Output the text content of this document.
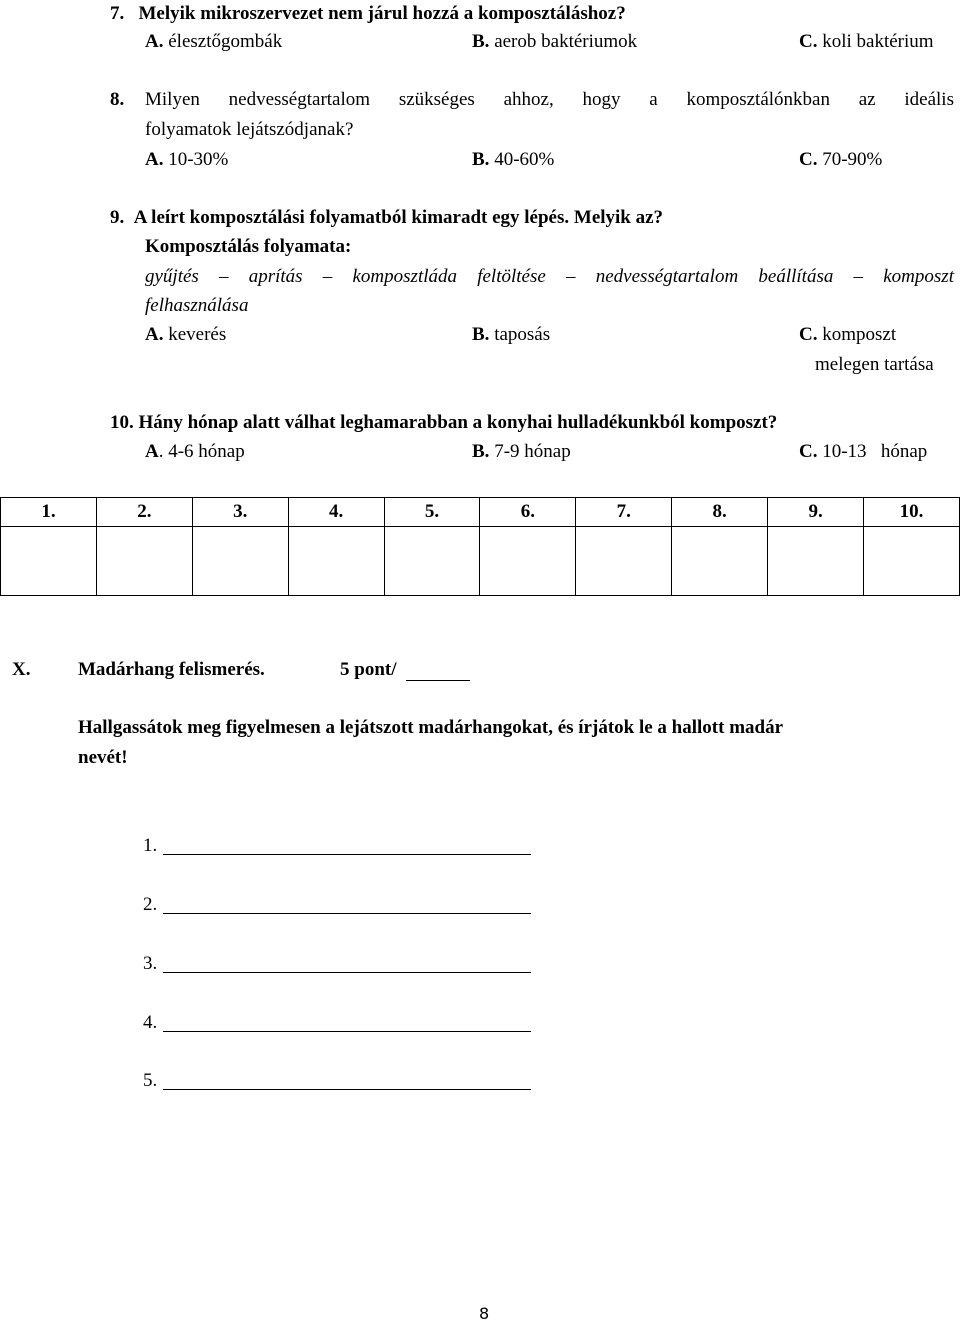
7. Melyik mikroszervezet nem járul hozzá a komposztáláshoz?
A. élesztőgombák	B. aerob baktériumok	C. koli baktérium
8. Milyen nedvességtartalom szükséges ahhoz, hogy a komposztálónkban az ideális
folyamatok lejátszódjanak?
A. 10-30%	B. 40-60%	C. 70-90%
9. A leírt komposztálási folyamatból kimaradt egy lépés. Melyik az?
Komposztálás folyamata:
gyűjtés – aprítás – komposztláda feltöltése – nedvességtartalom beállítása – komposzt
felhasználása
A. keverés	B. taposás	C. komposzt
melegen tartása
10. Hány hónap alatt válhat leghamarabban a konyhai hulladékunkból komposzt?
A. 4-6 hónap	B. 7-9 hónap	C. 10-13 hónap
1.	2.	3.	4.	5.	6.	7.	8.	9.	10.

X.	Madárhang felismerés.	5 pont/
Hallgassátok meg figyelmesen a lejátszott madárhangokat, és írjátok le a hallott madár
nevét!
1.
2.
3.
4.
5.
8
